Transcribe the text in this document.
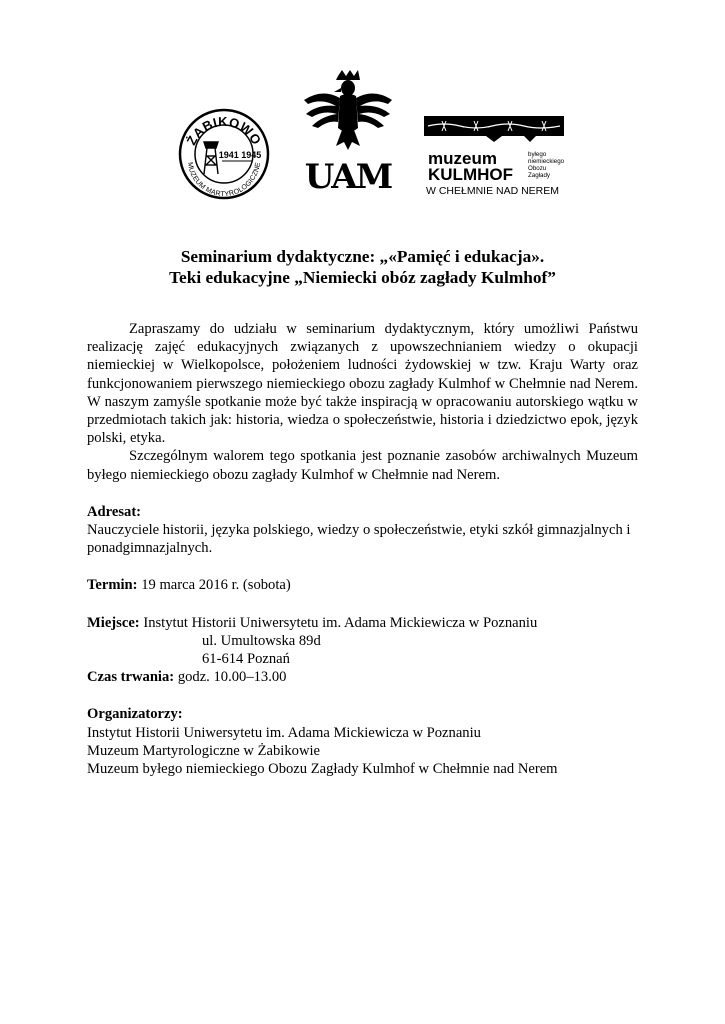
ŻABIKOWO
MUZEUM MARTYROLOGICZNE
1941 1945
UAM muzeum
KULMHOF
W CHEŁMNIE NAD NEREM
byłego niemieckiego Obozu Zagłady
Seminarium dydaktyczne: „«Pamięć i edukacja».
Teki edukacyjne „Niemiecki obóz zagłady Kulmhof”

Zapraszamy do udziału w seminarium dydaktycznym, który umożliwi Państwu realizację zajęć edukacyjnych związanych z upowszechnianiem wiedzy o okupacji niemieckiej w Wielkopolsce, położeniem ludności żydowskiej w tzw. Kraju Warty oraz funkcjonowaniem pierwszego niemieckiego obozu zagłady Kulmhof w Chełmnie nad Nerem. W naszym zamyśle spotkanie może być także inspiracją w opracowaniu autorskiego wątku w przedmiotach takich jak: historia, wiedza o społeczeństwie, historia i dziedzictwo epok, język polski, etyka.

Szczególnym walorem tego spotkania jest poznanie zasobów archiwalnych Muzeum byłego niemieckiego obozu zagłady Kulmhof w Chełmnie nad Nerem.

Adresat:
Nauczyciele historii, języka polskiego, wiedzy o społeczeństwie, etyki szkół gimnazjalnych i ponadgimnazjalnych.
Termin: 19 marca 2016 r. (sobota)
Miejsce: Instytut Historii Uniwersytetu im. Adama Mickiewicza w Poznaniu
ul. Umultowska 89d
61-614 Poznań
Czas trwania: godz. 10.00–13.00
Organizatorzy:
Instytut Historii Uniwersytetu im. Adama Mickiewicza w Poznaniu
Muzeum Martyrologiczne w Żabikowie
Muzeum byłego niemieckiego Obozu Zagłady Kulmhof w Chełmnie nad Nerem
